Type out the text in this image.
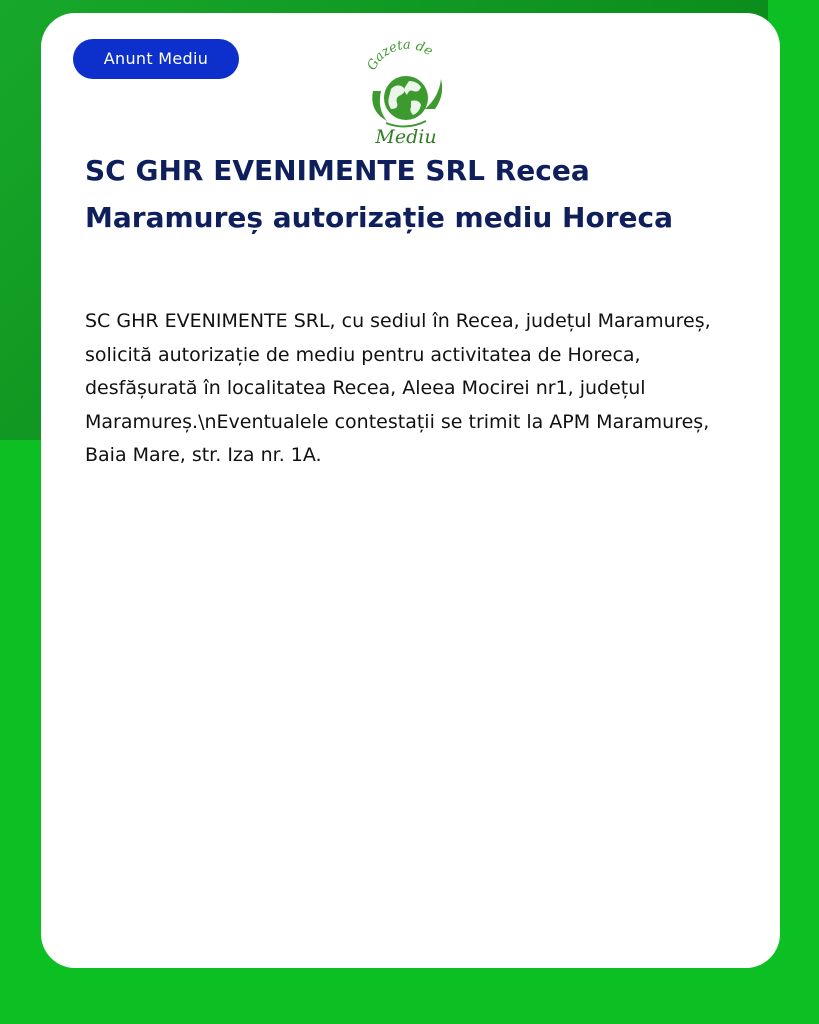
Anunt Mediu	Gazeta de
Mediu
SC GHR EVENIMENTE SRL Recea Maramureș autorizație mediu Horeca

SC GHR EVENIMENTE SRL, cu sediul în Recea, județul Maramureș, solicită autorizație de mediu pentru activitatea de Horeca, desfășurată în localitatea Recea, Aleea Mocirei nr1, județul Maramureș.\nEventualele contestații se trimit la APM Maramureș, Baia Mare, str. Iza nr. 1A.
